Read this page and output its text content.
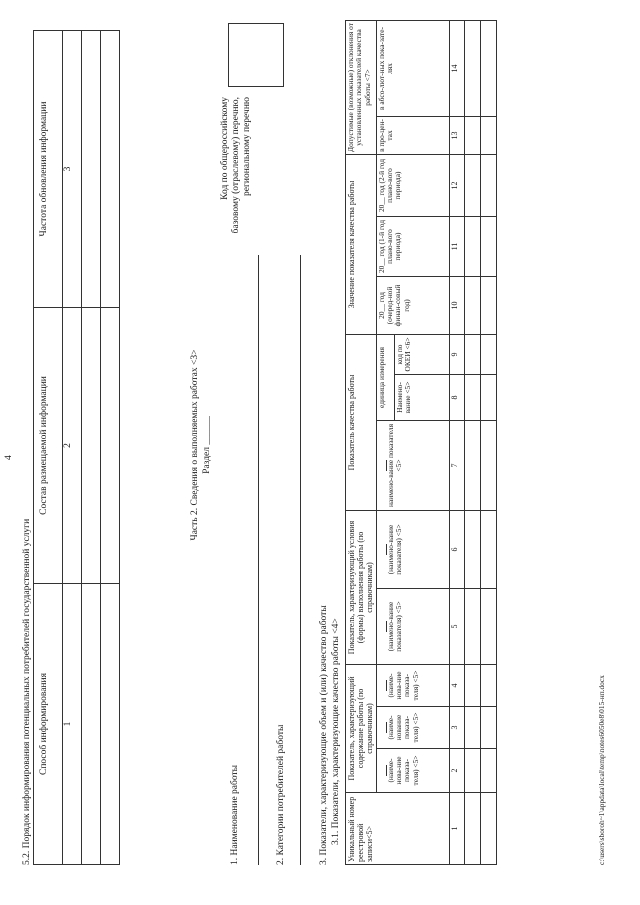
4
5.2. Порядок информирования потенциальных потребителей государственной услуги Способ информирования	Состав размещаемой информации	Частота обновления информации
1	2	3

Часть 2. Сведения о выполняемых работах <3> Раздел ______
1. Наименование работы	2. Категории потребителей работы
Код по общероссийскому базовому (отраслевому) перечню, региональному перечню
3. Показатели, характеризующие объем и (или) качество работы 3.1. Показатели, характеризующие качество работы <4> Уникальный номер реестровой записи<5>	Показатель, характеризующий содержание работы (по справочникам)			Показатель, характеризующий условия (формы) выполнения работы (по справочникам)		Показатель качества работы			Значение показателя качества работы			Допустимые (возможные) отклонения от установленных показателей качества работы <7>	

(наиме-нова-ние показа-теля) <5>	(наиме-нование показа-теля) <5>	(наиме-нова-ние показа-теля) <5>	(наимено-вание показателя) <5>	(наимено-вание показателя) <5>	наимено-вание показателя <5>	единица измерения		20__ год (очеред-ной финан-совый год)	20__ год (1-й год плано-вого периода)	20__ год (2-й год плано-вого периода)	в про-цен-тах	в абсо-лют-ных пока-зате-лях
							Наимено-вание <5>	код по ОКЕИ <6>					
1	2	3	4	5	6	7	8	9	10	11	12	13	14

c:\users\sboroh~1\appdata\local\temp\notes6050e8\015-нп.docx
